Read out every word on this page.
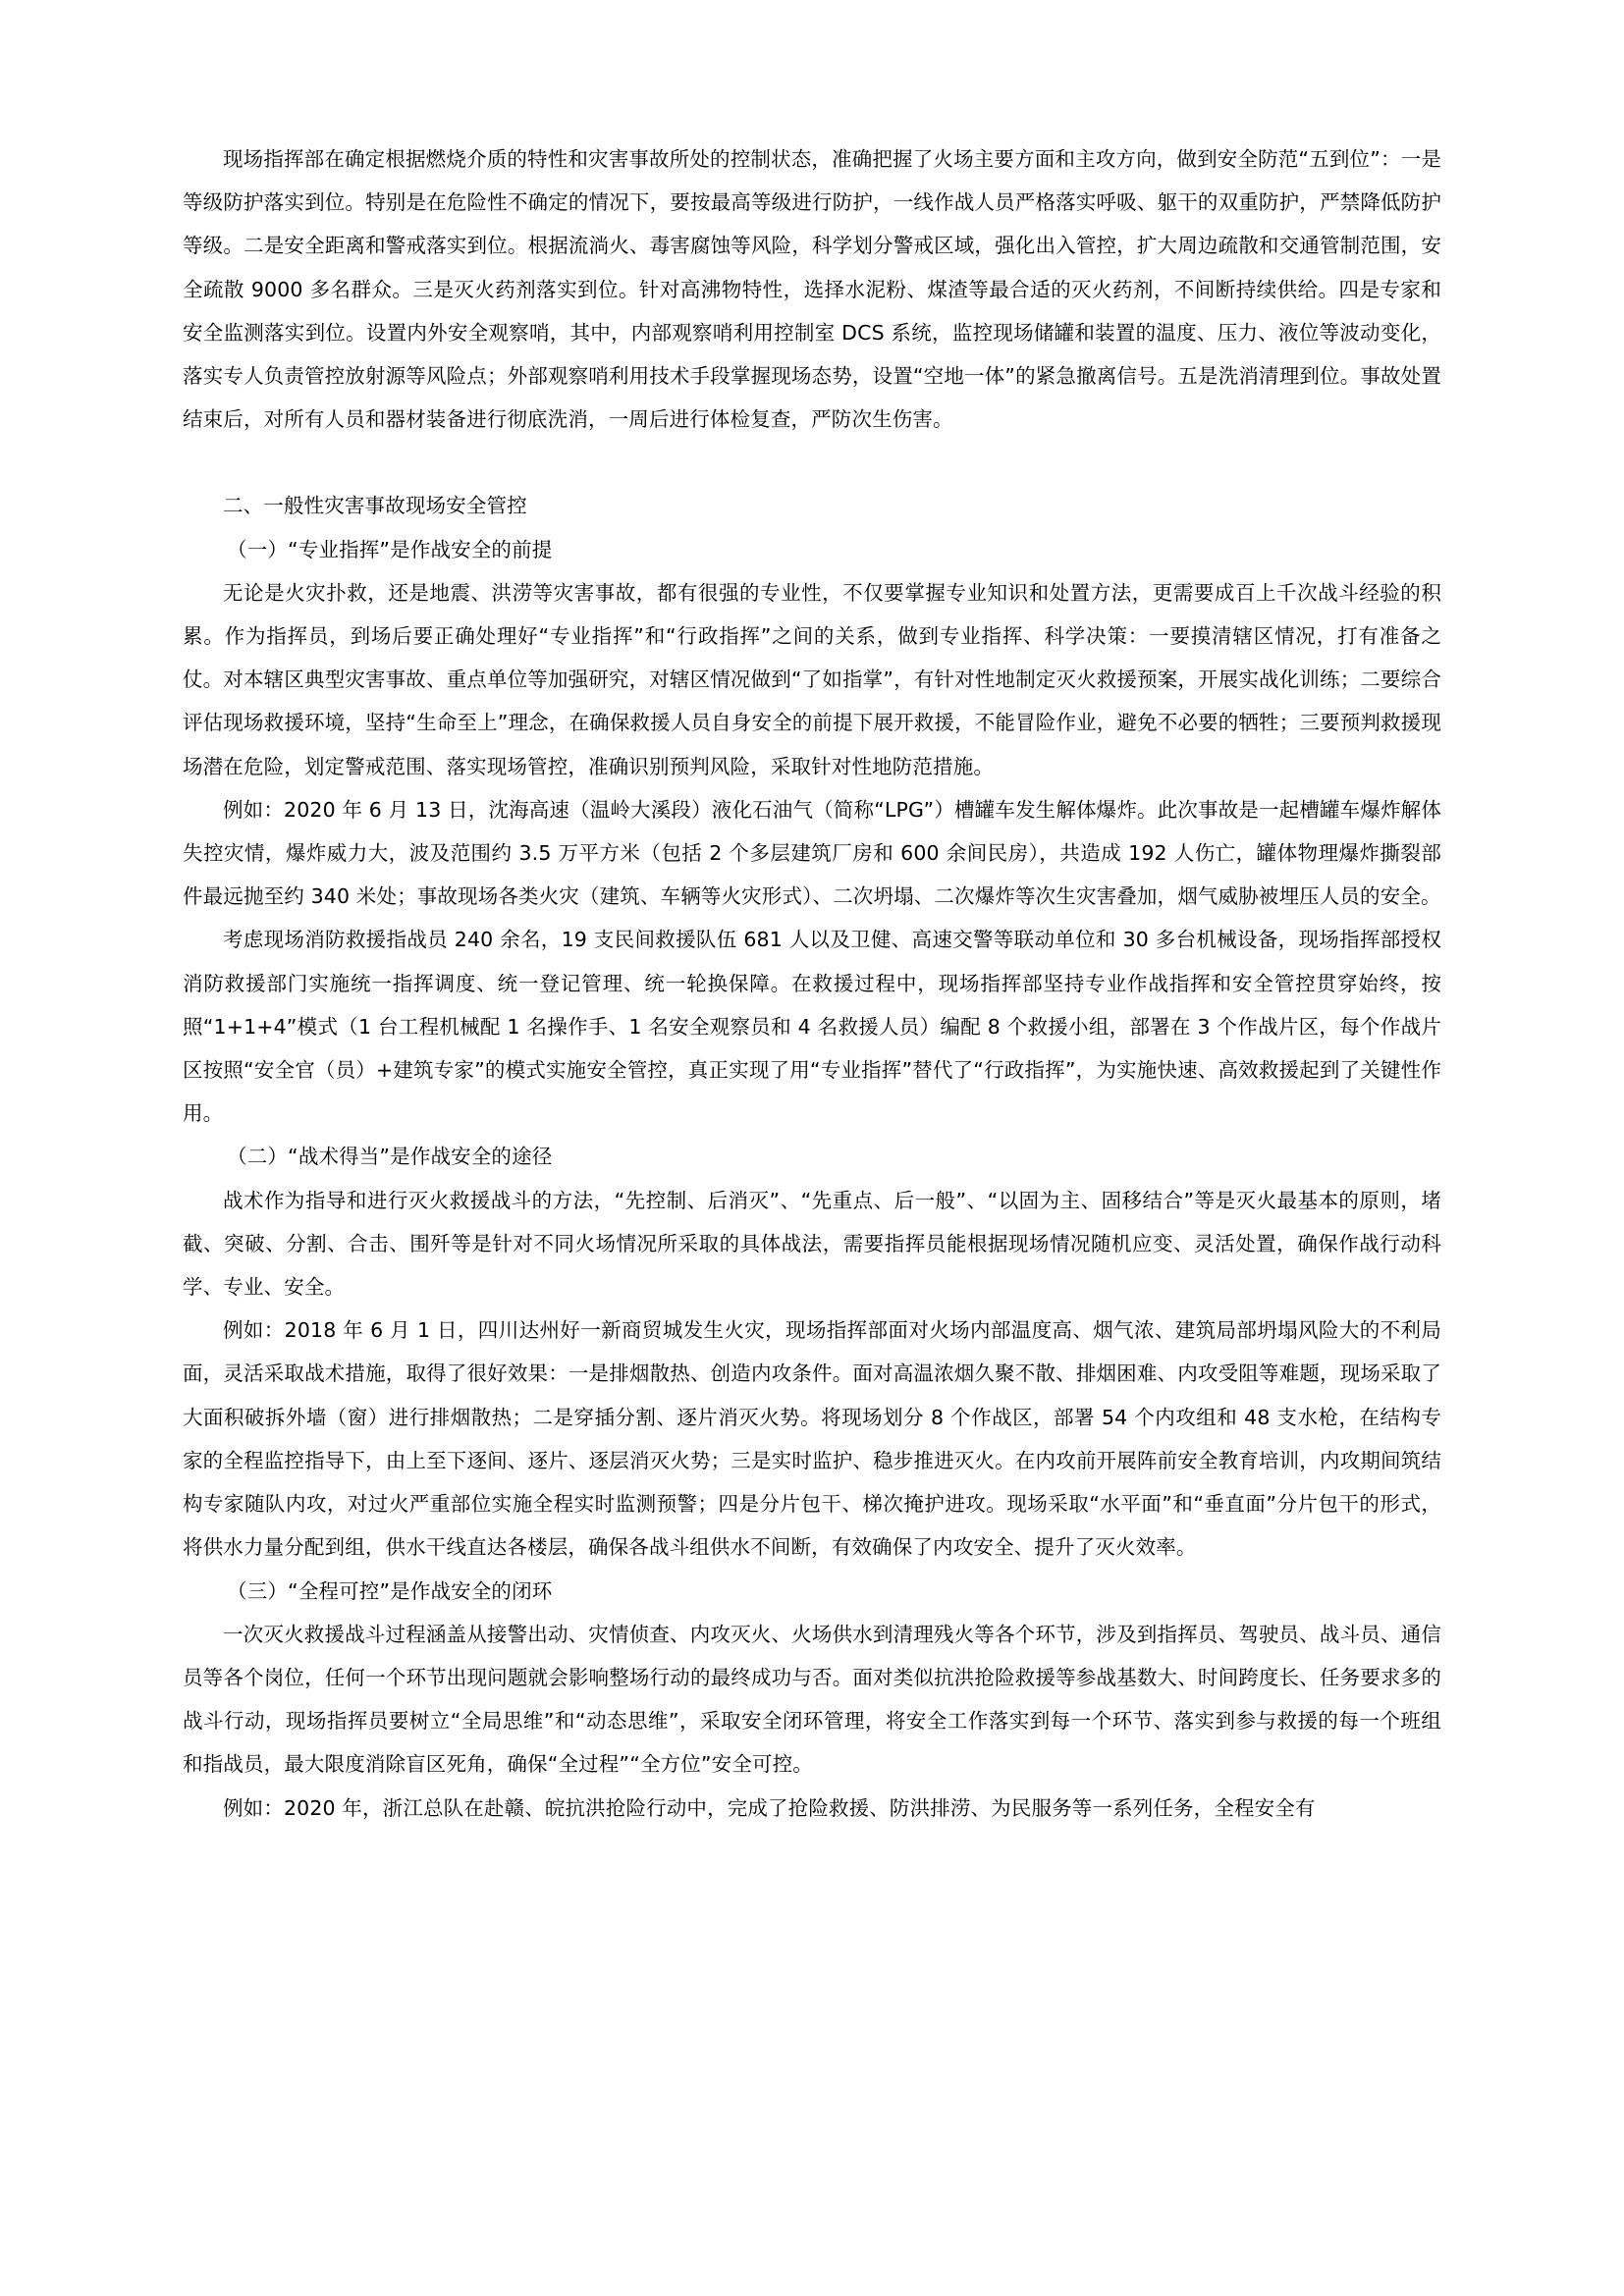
现场指挥部在确定根据燃烧介质的特性和灾害事故所处的控制状态，准确把握了火场主要方面和主攻方向，做到安全防范“五到位”：一是等级防护落实到位。特别是在危险性不确定的情况下，要按最高等级进行防护，一线作战人员严格落实呼吸、躯干的双重防护，严禁降低防护等级。二是安全距离和警戒落实到位。根据流淌火、毒害腐蚀等风险，科学划分警戒区域，强化出入管控，扩大周边疏散和交通管制范围，安全疏散 9000 多名群众。三是灭火药剂落实到位。针对高沸物特性，选择水泥粉、煤渣等最合适的灭火药剂，不间断持续供给。四是专家和安全监测落实到位。设置内外安全观察哨，其中，内部观察哨利用控制室 DCS 系统，监控现场储罐和装置的温度、压力、液位等波动变化，落实专人负责管控放射源等风险点；外部观察哨利用技术手段掌握现场态势，设置“空地一体”的紧急撤离信号。五是洗消清理到位。事故处置结束后，对所有人员和器材装备进行彻底洗消，一周后进行体检复查，严防次生伤害。

二、一般性灾害事故现场安全管控

（一）“专业指挥”是作战安全的前提

无论是火灾扑救，还是地震、洪涝等灾害事故，都有很强的专业性，不仅要掌握专业知识和处置方法，更需要成百上千次战斗经验的积累。作为指挥员，到场后要正确处理好“专业指挥”和“行政指挥”之间的关系，做到专业指挥、科学决策：一要摸清辖区情况，打有准备之仗。对本辖区典型灾害事故、重点单位等加强研究，对辖区情况做到“了如指掌”，有针对性地制定灭火救援预案，开展实战化训练；二要综合评估现场救援环境，坚持“生命至上”理念，在确保救援人员自身安全的前提下展开救援，不能冒险作业，避免不必要的牺牲；三要预判救援现场潜在危险，划定警戒范围、落实现场管控，准确识别预判风险，采取针对性地防范措施。

例如：2020 年 6 月 13 日，沈海高速（温岭大溪段）液化石油气（简称“LPG”）槽罐车发生解体爆炸。此次事故是一起槽罐车爆炸解体失控灾情，爆炸威力大，波及范围约 3.5 万平方米（包括 2 个多层建筑厂房和 600 余间民房），共造成 192 人伤亡，罐体物理爆炸撕裂部件最远抛至约 340 米处；事故现场各类火灾（建筑、车辆等火灾形式）、二次坍塌、二次爆炸等次生灾害叠加，烟气威胁被埋压人员的安全。

考虑现场消防救援指战员 240 余名，19 支民间救援队伍 681 人以及卫健、高速交警等联动单位和 30 多台机械设备，现场指挥部授权消防救援部门实施统一指挥调度、统一登记管理、统一轮换保障。在救援过程中，现场指挥部坚持专业作战指挥和安全管控贯穿始终，按照“1+1+4”模式（1 台工程机械配 1 名操作手、1 名安全观察员和 4 名救援人员）编配 8 个救援小组，部署在 3 个作战片区，每个作战片区按照“安全官（员）+建筑专家”的模式实施安全管控，真正实现了用“专业指挥”替代了“行政指挥”，为实施快速、高效救援起到了关键性作用。

（二）“战术得当”是作战安全的途径

战术作为指导和进行灭火救援战斗的方法，“先控制、后消灭”、“先重点、后一般”、“以固为主、固移结合”等是灭火最基本的原则，堵截、突破、分割、合击、围歼等是针对不同火场情况所采取的具体战法，需要指挥员能根据现场情况随机应变、灵活处置，确保作战行动科学、专业、安全。

例如：2018 年 6 月 1 日，四川达州好一新商贸城发生火灾，现场指挥部面对火场内部温度高、烟气浓、建筑局部坍塌风险大的不利局面，灵活采取战术措施，取得了很好效果：一是排烟散热、创造内攻条件。面对高温浓烟久聚不散、排烟困难、内攻受阻等难题，现场采取了大面积破拆外墙（窗）进行排烟散热；二是穿插分割、逐片消灭火势。将现场划分 8 个作战区，部署 54 个内攻组和 48 支水枪，在结构专家的全程监控指导下，由上至下逐间、逐片、逐层消灭火势；三是实时监护、稳步推进灭火。在内攻前开展阵前安全教育培训，内攻期间筑结构专家随队内攻，对过火严重部位实施全程实时监测预警；四是分片包干、梯次掩护进攻。现场采取“水平面”和“垂直面”分片包干的形式，将供水力量分配到组，供水干线直达各楼层，确保各战斗组供水不间断，有效确保了内攻安全、提升了灭火效率。

（三）“全程可控”是作战安全的闭环

一次灭火救援战斗过程涵盖从接警出动、灾情侦查、内攻灭火、火场供水到清理残火等各个环节，涉及到指挥员、驾驶员、战斗员、通信员等各个岗位，任何一个环节出现问题就会影响整场行动的最终成功与否。面对类似抗洪抢险救援等参战基数大、时间跨度长、任务要求多的战斗行动，现场指挥员要树立“全局思维”和“动态思维”，采取安全闭环管理，将安全工作落实到每一个环节、落实到参与救援的每一个班组和指战员，最大限度消除盲区死角，确保“全过程”“全方位”安全可控。

例如：2020 年，浙江总队在赴赣、皖抗洪抢险行动中，完成了抢险救援、防洪排涝、为民服务等一系列任务，全程安全有
